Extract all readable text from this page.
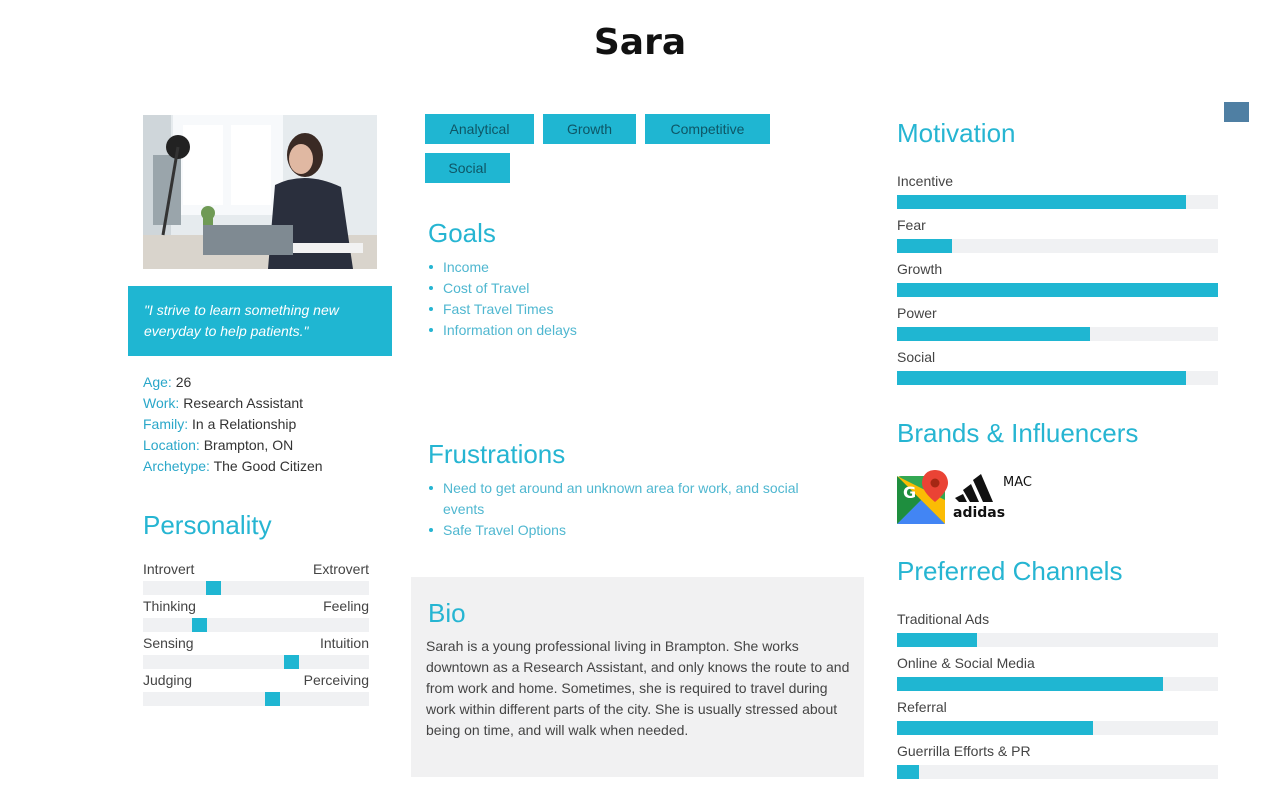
Sara
"I strive to learn something new everyday to help patients."
Age: 26
Work: Research Assistant
Family: In a Relationship
Location: Brampton, ON
Archetype: The Good Citizen
Personality
Introvert	Extrovert
Thinking	Feeling
Sensing	Intuition
Judging	Perceiving
Analytical	Growth	Competitive
Social
Goals
Income
Cost of Travel
Fast Travel Times
Information on delays
Frustrations
Need to get around an unknown area for work, and social events
Safe Travel Options
Bio
Sarah is a young professional living in Brampton. She works downtown as a Research Assistant, and only knows the route to and from work and home. Sometimes, she is required to travel during work within different parts of the city. She is usually stressed about being on time, and will walk when needed.
Motivation
Incentive
Fear
Growth
Power
Social
Brands & Influencers
G
adidas
MAC
Preferred Channels
Traditional Ads
Online & Social Media
Referral
Guerrilla Efforts & PR
